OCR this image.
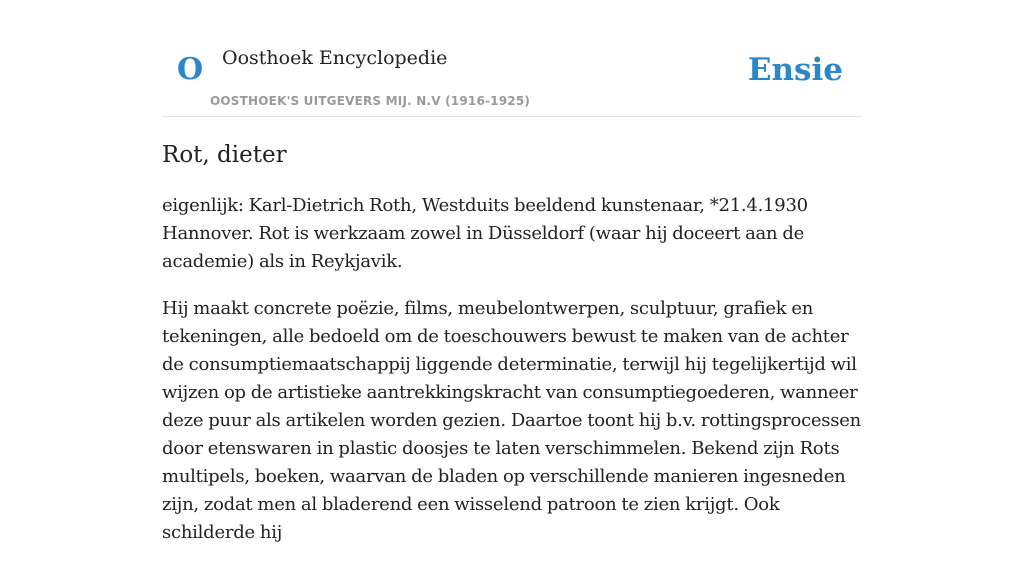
O Oosthoek Encyclopedie
OOSTHOEK'S UITGEVERS MIJ. N.V (1916-1925)
Ensie
Rot, dieter

eigenlijk: Karl-Dietrich Roth, Westduits beeldend kunstenaar, *21.4.1930 Hannover. Rot is werkzaam zowel in Düsseldorf (waar hij doceert aan de academie) als in Reykjavik.

Hij maakt concrete poëzie, films, meubelontwerpen, sculptuur, grafiek en tekeningen, alle bedoeld om de toeschouwers bewust te maken van de achter de consumptiemaatschappij liggende determinatie, terwijl hij tegelijkertijd wil wijzen op de artistieke aantrekkingskracht van consumptiegoederen, wanneer deze puur als artikelen worden gezien. Daartoe toont hij b.v. rottingsprocessen door etenswaren in plastic doosjes te laten verschimmelen. Bekend zijn Rots multipels, boeken, waarvan de bladen op verschillende manieren ingesneden zijn, zodat men al bladerend een wisselend patroon te zien krijgt. Ook schilderde hij
